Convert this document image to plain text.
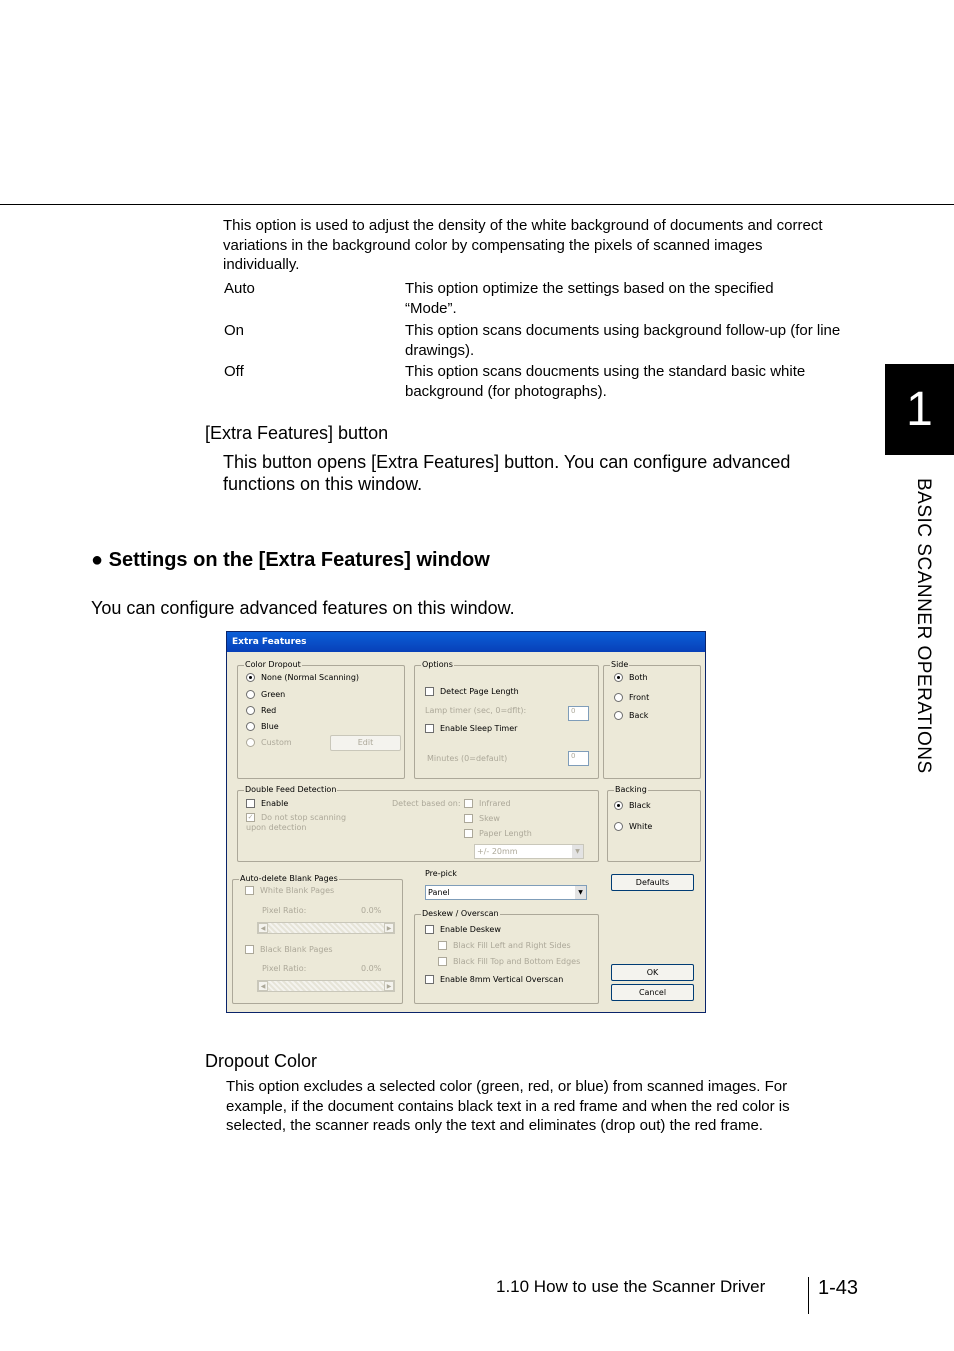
This option is used to adjust the density of the white background of documents and correct variations in the background color by compensating the pixels of scanned images individually.
Auto	This option optimize the settings based on the specified “Mode”.
On	This option scans documents using background follow-up (for line drawings).
Off	This option scans doucments using the standard basic white background (for photographs).
[Extra Features] button
This button opens [Extra Features] button. You can configure advanced functions on this window.
● Settings on the [Extra Features] window
You can configure advanced features on this window.
Extra Features
Color Dropout
None (Normal Scanning)
Green
Red
Blue
Custom	Edit
Options
Detect Page Length
Lamp timer (sec, 0=dflt):	0
Enable Sleep Timer
Minutes (0=default)	0
Side
Both
Front
Back
Double Feed Detection
Enable
✓ Do not stop scanning upon detection
Detect based on:	Infrared
Skew
Paper Length
+/- 20mm	▼
Backing
Black
White
Auto-delete Blank Pages
White Blank Pages
Pixel Ratio:	0.0%
◀	▶
Black Blank Pages
Pixel Ratio:	0.0%
◀	▶
Pre-pick
Panel	▼
Deskew / Overscan
Enable Deskew
Black Fill Left and Right Sides
Black Fill Top and Bottom Edges
Enable 8mm Vertical Overscan
Defaults
OK
Cancel
Dropout Color
This option excludes a selected color (green, red, or blue) from scanned images. For example, if the document contains black text in a red frame and when the red color is selected, the scanner reads only the text and eliminates (drop out) the red frame.
1
BASIC SCANNER OPERATIONS
1.10 How to use the Scanner Driver	1-43
